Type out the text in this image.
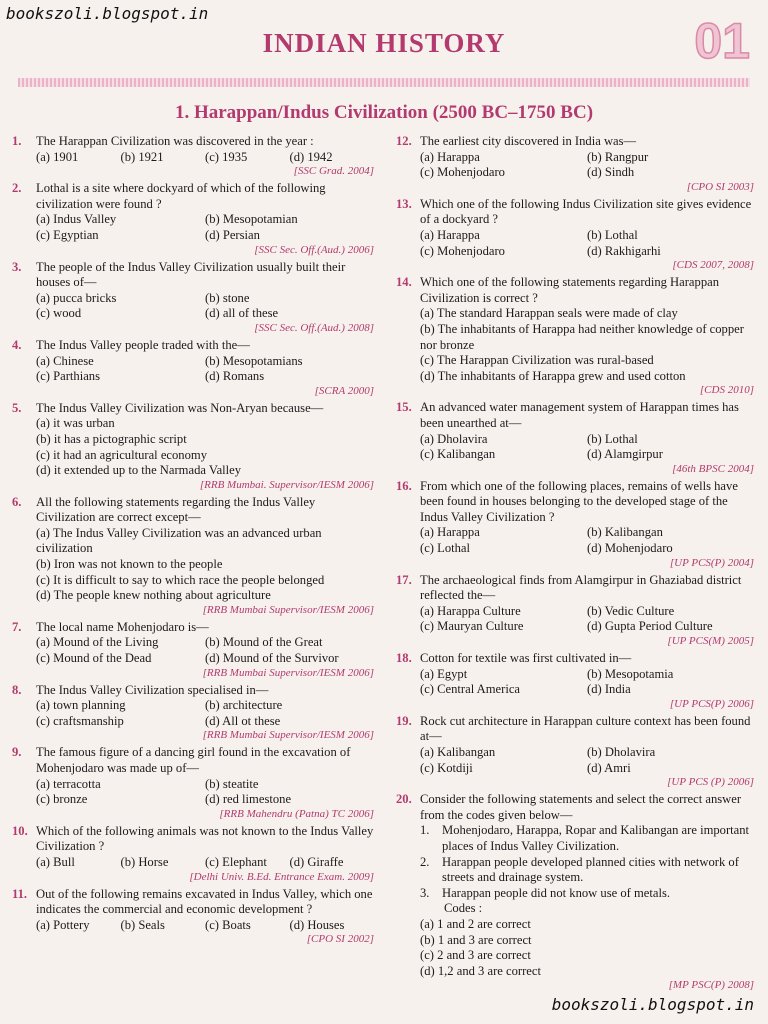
bookszoli.blogspot.in
INDIAN HISTORY	01
1. Harappan/Indus Civilization (2500 BC–1750 BC)
1.	The Harappan Civilization was discovered in the year :
(a) 1901	(b) 1921	(c) 1935	(d) 1942
[SSC Grad. 2004]
2.	Lothal is a site where dockyard of which of the following civilization were found ?
(a) Indus Valley	(b) Mesopotamian
(c) Egyptian	(d) Persian
[SSC Sec. Off.(Aud.) 2006]
3.	The people of the Indus Valley Civilization usually built their houses of—
(a) pucca bricks	(b) stone
(c) wood	(d) all of these
[SSC Sec. Off.(Aud.) 2008]
4.	The Indus Valley people traded with the—
(a) Chinese	(b) Mesopotamians
(c) Parthians	(d) Romans
[SCRA 2000]
5.	The Indus Valley Civilization was Non-Aryan because—
(a) it was urban
(b) it has a pictographic script
(c) it had an agricultural economy
(d) it extended up to the Narmada Valley
[RRB Mumbai. Supervisor/IESM 2006]
6.	All the following statements regarding the Indus Valley Civilization are correct except—
(a) The Indus Valley Civilization was an advanced urban civilization
(b) Iron was not known to the people
(c) It is difficult to say to which race the people belonged
(d) The people knew nothing about agriculture
[RRB Mumbai Supervisor/IESM 2006]
7.	The local name Mohenjodaro is—
(a) Mound of the Living	(b) Mound of the Great
(c) Mound of the Dead	(d) Mound of the Survivor
[RRB Mumbai Supervisor/IESM 2006]
8.	The Indus Valley Civilization specialised in—
(a) town planning	(b) architecture
(c) craftsmanship	(d) All ot these
[RRB Mumbai Supervisor/IESM 2006]
9.	The famous figure of a dancing girl found in the excavation of Mohenjodaro was made up of—
(a) terracotta	(b) steatite
(c) bronze	(d) red limestone
[RRB Mahendru (Patna) TC 2006]
10. Which of the following animals was not known to the Indus Valley Civilization ?
(a) Bull	(b) Horse	(c) Elephant	(d) Giraffe
[Delhi Univ. B.Ed. Entrance Exam. 2009]
11. Out of the following remains excavated in Indus Valley, which one indicates the commercial and economic development ?
(a) Pottery	(b) Seals	(c) Boats	(d) Houses
[CPO SI 2002]
12. The earliest city discovered in India was—
(a) Harappa	(b) Rangpur
(c) Mohenjodaro	(d) Sindh
[CPO SI 2003]
13. Which one of the following Indus Civilization site gives evidence of a dockyard ?
(a) Harappa	(b) Lothal
(c) Mohenjodaro	(d) Rakhigarhi
[CDS 2007, 2008]
14. Which one of the following statements regarding Harappan Civilization is correct ?
(a) The standard Harappan seals were made of clay
(b) The inhabitants of Harappa had neither knowledge of copper nor bronze
(c) The Harappan Civilization was rural-based
(d) The inhabitants of Harappa grew and used cotton
[CDS 2010]
15. An advanced water management system of Harappan times has been unearthed at—
(a) Dholavira	(b) Lothal
(c) Kalibangan	(d) Alamgirpur
[46th BPSC 2004]
16. From which one of the following places, remains of wells have been found in houses belonging to the developed stage of the Indus Valley Civilization ?
(a) Harappa	(b) Kalibangan
(c) Lothal	(d) Mohenjodaro
[UP PCS(P) 2004]
17. The archaeological finds from Alamgirpur in Ghaziabad district reflected the—
(a) Harappa Culture	(b) Vedic Culture
(c) Mauryan Culture	(d) Gupta Period Culture
[UP PCS(M) 2005]
18. Cotton for textile was first cultivated in—
(a) Egypt	(b) Mesopotamia
(c) Central America	(d) India
[UP PCS(P) 2006]
19. Rock cut architecture in Harappan culture context has been found at—
(a) Kalibangan	(b) Dholavira
(c) Kotdiji	(d) Amri
[UP PCS (P) 2006]
20. Consider the following statements and select the correct answer from the codes given below—
1. Mohenjodaro, Harappa, Ropar and Kalibangan are important places of Indus Valley Civilization.
2. Harappan people developed planned cities with network of streets and drainage system.
3. Harappan people did not know use of metals.
Codes :
(a) 1 and 2 are correct
(b) 1 and 3 are correct
(c) 2 and 3 are correct
(d) 1,2 and 3 are correct
[MP PSC(P) 2008]
bookszoli.blogspot.in
